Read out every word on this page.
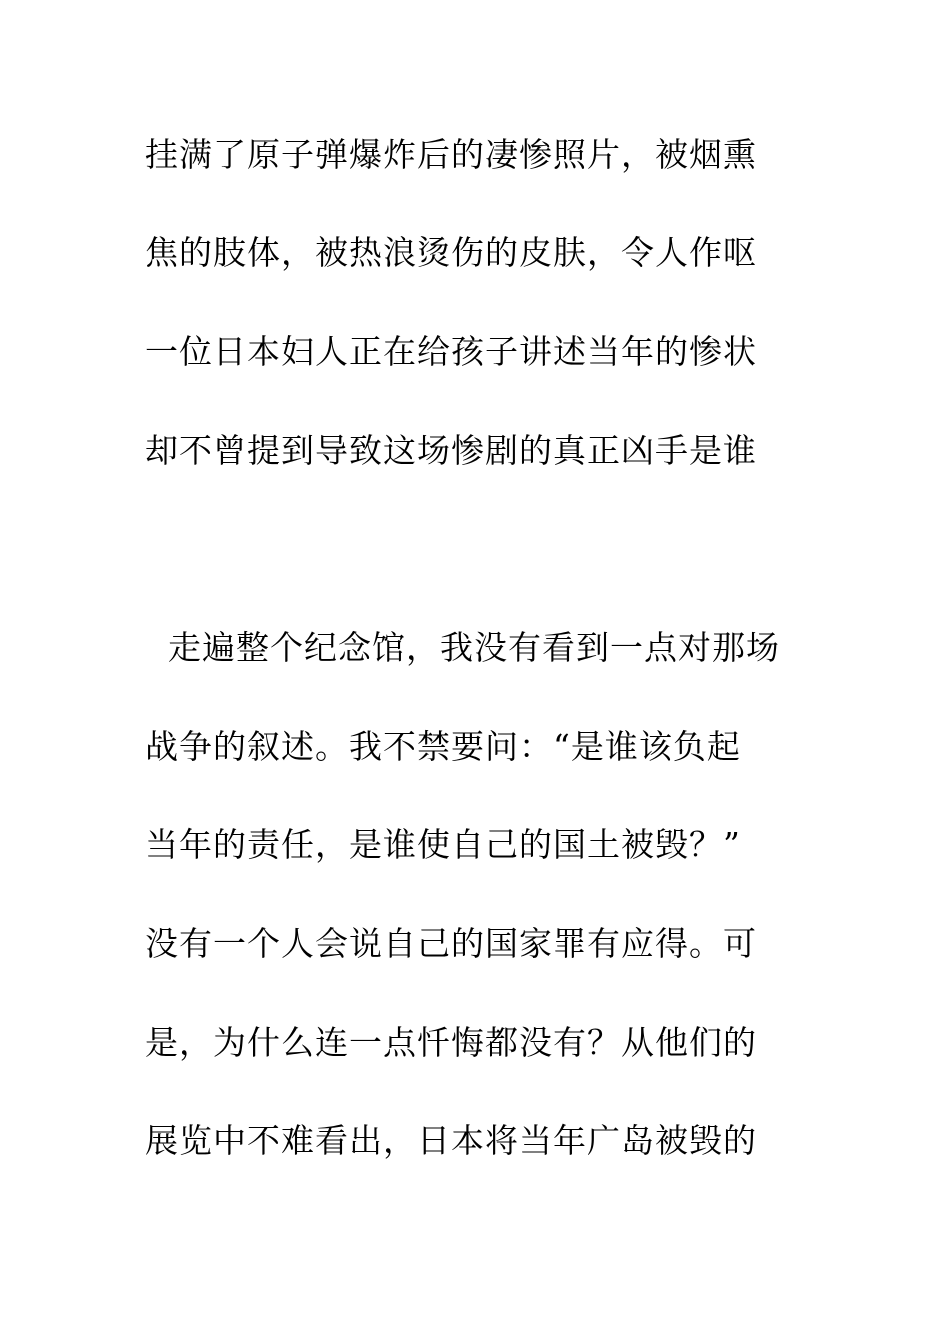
挂满了原子弹爆炸后的凄惨照片，被烟熏
焦的肢体，被热浪烫伤的皮肤，令人作呕
一位日本妇人正在给孩子讲述当年的惨状
却不曾提到导致这场惨剧的真正凶手是谁
走遍整个纪念馆，我没有看到一点对那场
战争的叙述。我不禁要问：“是谁该负起
当年的责任，是谁使自己的国土被毁？”
没有一个人会说自己的国家罪有应得。可
是，为什么连一点忏悔都没有？从他们的
展览中不难看出，日本将当年广岛被毁的
